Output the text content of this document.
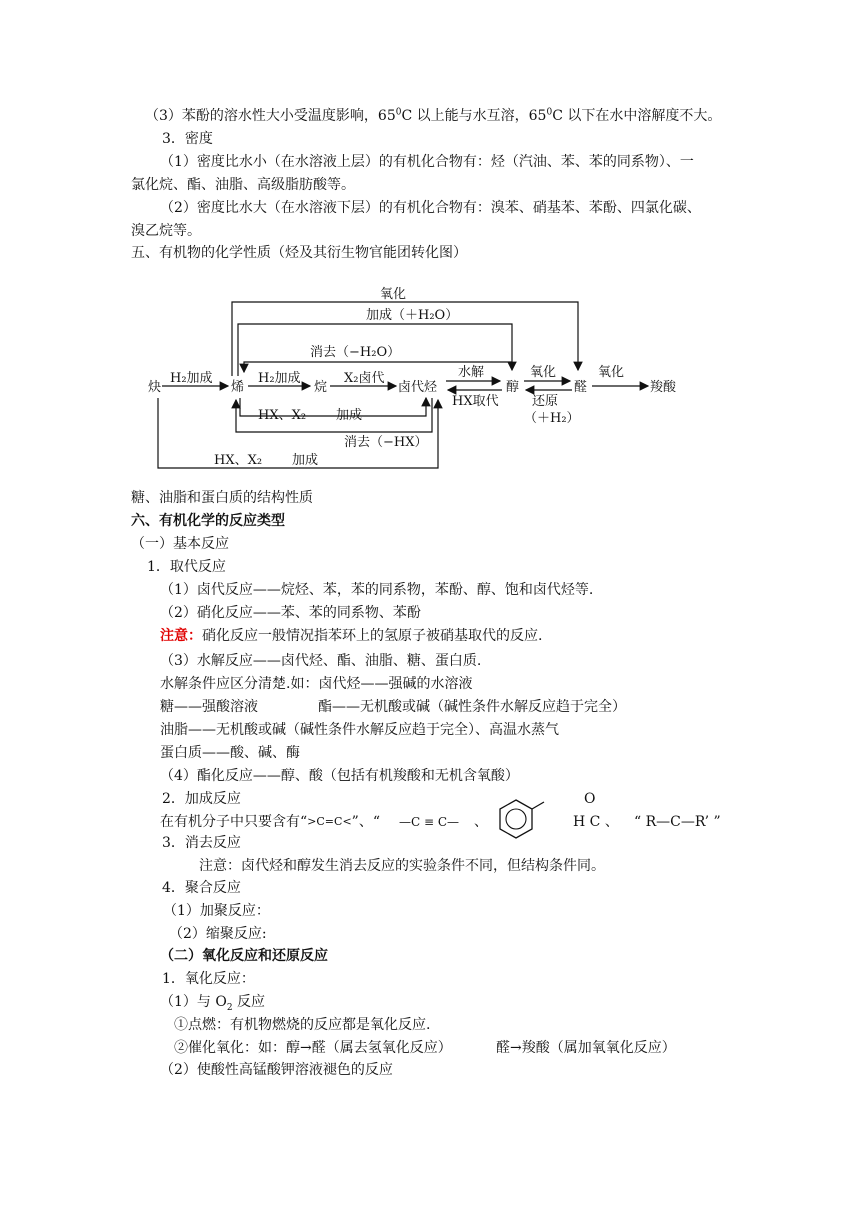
（3）苯酚的溶水性大小受温度影响，$65^0C$ 以上能与水互溶，$65^0C$ 以下在水中溶解度不大。
3．密度
（1）密度比水小（在水溶液上层）的有机化合物有：烃（汽油、苯、苯的同系物）、一
氯化烷、酯、油脂、高级脂肪酸等。
（2）密度比水大（在水溶液下层）的有机化合物有：溴苯、硝基苯、苯酚、四氯化碳、
溴乙烷等。
五、有机物的化学性质（烃及其衍生物官能团转化图）
炔	烯	烷	卤代烃	醇	醛	羧酸
氧化
加成（＋H₂O）
消去（−H₂O）
H₂加成	H₂加成	X₂卤代	水解
HX取代
氧化
还原
（＋H₂）
氧化
HX、X₂ 加成
消去（−HX）
HX、X₂ 加成
糖、油脂和蛋白质的结构性质
六、有机化学的反应类型
（一）基本反应
1．取代反应
（1）卤代反应——烷烃、苯，苯的同系物，苯酚、醇、饱和卤代烃等.
（2）硝化反应——苯、苯的同系物、苯酚
注意：硝化反应一般情况指苯环上的氢原子被硝基取代的反应.
（3）水解反应——卤代烃、酯、油脂、糖、蛋白质.
水解条件应区分清楚.如：卤代烃——强碱的水溶液
糖——强酸溶液	酯——无机酸或碱（碱性条件水解反应趋于完全）
油脂——无机酸或碱（碱性条件水解反应趋于完全）、高温水蒸气
蛋白质——酸、碱、酶
（4）酯化反应——醇、酸（包括有机羧酸和无机含氧酸）
2．加成反应	O
在有机分子中只要含有“>C=C<”、“ —C ≡ C— 、	H C 、 “ R—C—R’ ”
3．消去反应
注意：卤代烃和醇发生消去反应的实验条件不同，但结构条件同。
4．聚合反应
（1）加聚反应：
（2）缩聚反应:
（二）氧化反应和还原反应
1．氧化反应：
（1）与 $O_2$ 反应
①点燃：有机物燃烧的反应都是氧化反应.
②催化氧化：如：醇→醛（属去氢氧化反应）	醛→羧酸（属加氧氧化反应）
（2）使酸性高锰酸钾溶液褪色的反应
